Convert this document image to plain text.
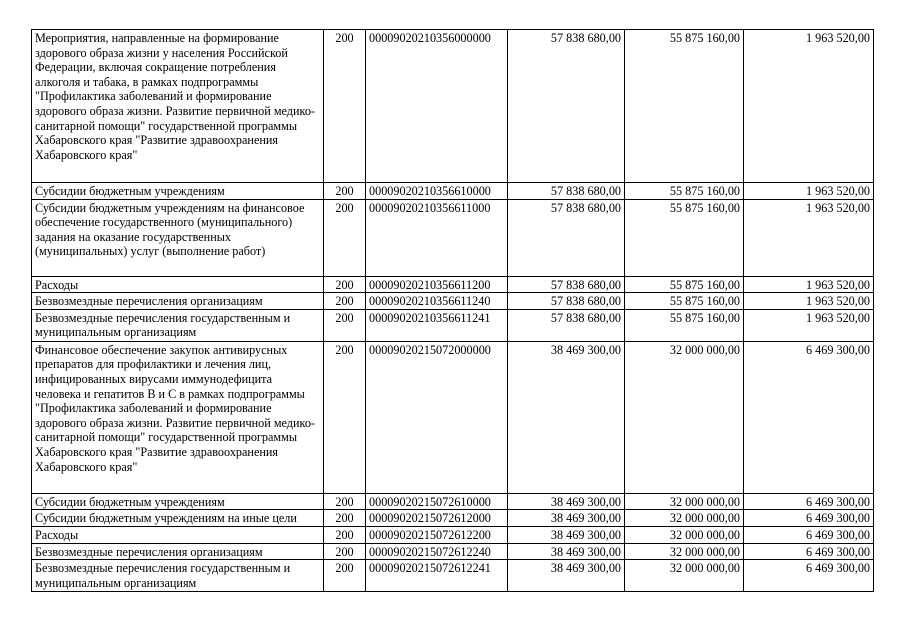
Мероприятия, направленные на формирование здорового образа жизни у населения Российской Федерации, включая сокращение потребления алкоголя и табака, в рамках подпрограммы "Профилактика заболеваний и формирование здорового образа жизни. Развитие первичной медико-санитарной помощи" государственной программы Хабаровского края "Развитие здравоохранения Хабаровского края"	200	00009020210356000000	57 838 680,00	55 875 160,00	1 963 520,00
Субсидии бюджетным учреждениям	200	00009020210356610000	57 838 680,00	55 875 160,00	1 963 520,00
Субсидии бюджетным учреждениям на финансовое обеспечение государственного (муниципального) задания на оказание государственных (муниципальных) услуг (выполнение работ)	200	00009020210356611000	57 838 680,00	55 875 160,00	1 963 520,00
Расходы	200	00009020210356611200	57 838 680,00	55 875 160,00	1 963 520,00
Безвозмездные перечисления организациям	200	00009020210356611240	57 838 680,00	55 875 160,00	1 963 520,00
Безвозмездные перечисления государственным и муниципальным организациям	200	00009020210356611241	57 838 680,00	55 875 160,00	1 963 520,00
Финансовое обеспечение закупок антивирусных препаратов для профилактики и лечения лиц, инфицированных вирусами иммунодефицита человека и гепатитов В и С в рамках подпрограммы "Профилактика заболеваний и формирование здорового образа жизни. Развитие первичной медико-санитарной помощи" государственной программы Хабаровского края "Развитие здравоохранения Хабаровского края"	200	00009020215072000000	38 469 300,00	32 000 000,00	6 469 300,00
Субсидии бюджетным учреждениям	200	00009020215072610000	38 469 300,00	32 000 000,00	6 469 300,00
Субсидии бюджетным учреждениям на иные цели	200	00009020215072612000	38 469 300,00	32 000 000,00	6 469 300,00
Расходы	200	00009020215072612200	38 469 300,00	32 000 000,00	6 469 300,00
Безвозмездные перечисления организациям	200	00009020215072612240	38 469 300,00	32 000 000,00	6 469 300,00
Безвозмездные перечисления государственным и муниципальным организациям	200	00009020215072612241	38 469 300,00	32 000 000,00	6 469 300,00
